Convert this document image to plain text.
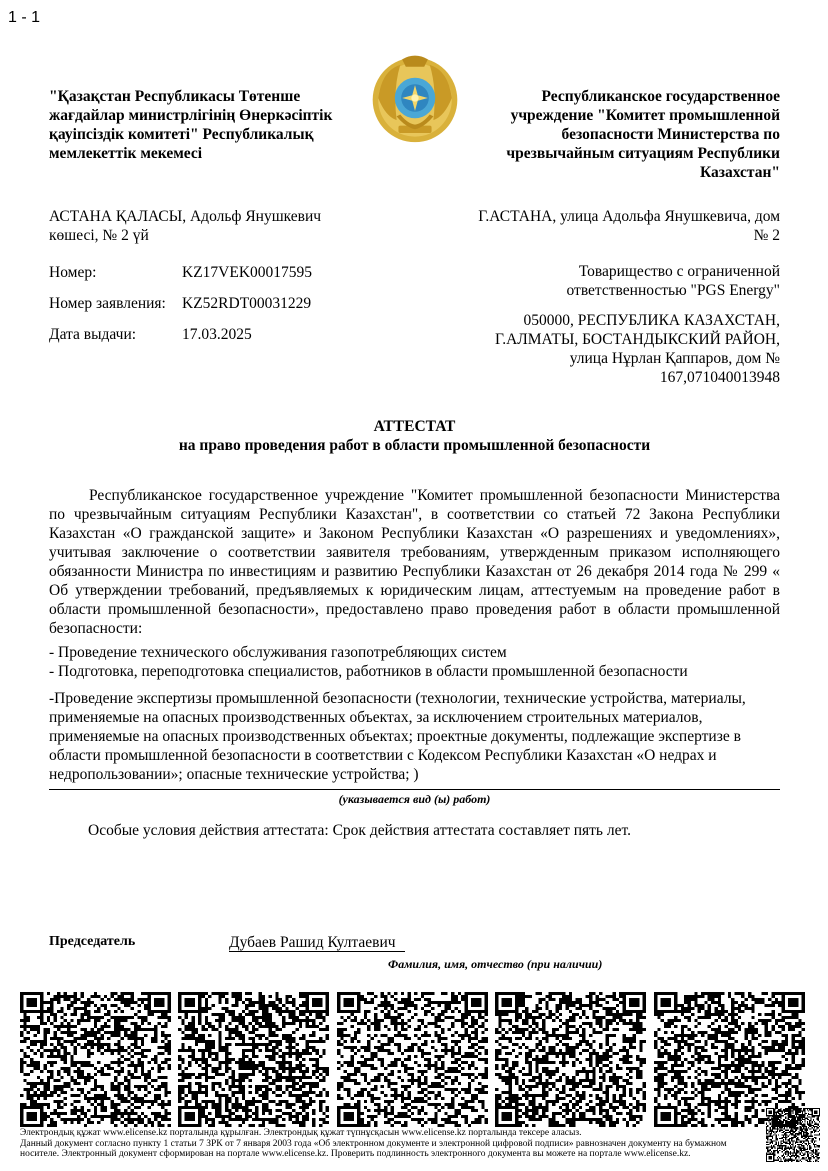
1 - 1
"Қазақстан Республикасы Төтенше жағдайлар министрлігінің Өнеркәсіптік қауіпсіздік комитеті" Республикалық мемлекеттік мекемесі
Республиканское государственное учреждение "Комитет промышленной безопасности Министерства по чрезвычайным ситуациям Республики Казахстан"
АСТАНА ҚАЛАСЫ, Адольф Янушкевич көшесі, № 2 үй
Г.АСТАНА, улица Адольфа Янушкевича, дом № 2
Номер:	KZ17VEK00017595
Номер заявления: KZ52RDT00031229
Дата выдачи:	17.03.2025
Товарищество с ограниченной ответственностью "PGS Energy"
050000, РЕСПУБЛИКА КАЗАХСТАН, Г.АЛМАТЫ, БОСТАНДЫКСКИЙ РАЙОН, улица Нұрлан Қаппаров, дом № 167,071040013948
АТТЕСТАТ
на право проведения работ в области промышленной безопасности
Республиканское государственное учреждение "Комитет промышленной безопасности Министерства по чрезвычайным ситуациям Республики Казахстан", в соответствии со статьей 72 Закона Республики Казахстан «О гражданской защите» и Законом Республики Казахстан «О разрешениях и уведомлениях», учитывая заключение о соответствии заявителя требованиям, утвержденным приказом исполняющего обязанности Министра по инвестициям и развитию Республики Казахстан от 26 декабря 2014 года № 299 « Об утверждении требований, предъявляемых к юридическим лицам, аттестуемым на проведение работ в области промышленной безопасности», предоставлено право проведения работ в области промышленной безопасности:
- Проведение технического обслуживания газопотребляющих систем
- Подготовка, переподготовка специалистов, работников в области промышленной безопасности
-Проведение экспертизы промышленной безопасности (технологии, технические устройства, материалы, применяемые на опасных производственных объектах, за исключением строительных материалов, применяемые на опасных производственных объектах; проектные документы, подлежащие экспертизе в области промышленной безопасности в соответствии с Кодексом Республики Казахстан «О недрах и недропользовании»; опасные технические устройства; )
(указывается вид (ы) работ)
Особые условия действия аттестата: Срок действия аттестата составляет пять лет.
Председатель	Дубаев Рашид Култаевич
Фамилия, имя, отчество (при наличии)
Электрондық құжат www.elicense.kz порталында құрылған. Электрондық құжат түпнұсқасын www.elicense.kz порталында тексере аласыз.
Данный документ согласно пункту 1 статьи 7 ЗРК от 7 января 2003 года «Об электронном документе и электронной цифровой подписи» равнозначен документу на бумажном носителе. Электронный документ сформирован на портале www.elicense.kz. Проверить подлинность электронного документа вы можете на портале www.elicense.kz.
